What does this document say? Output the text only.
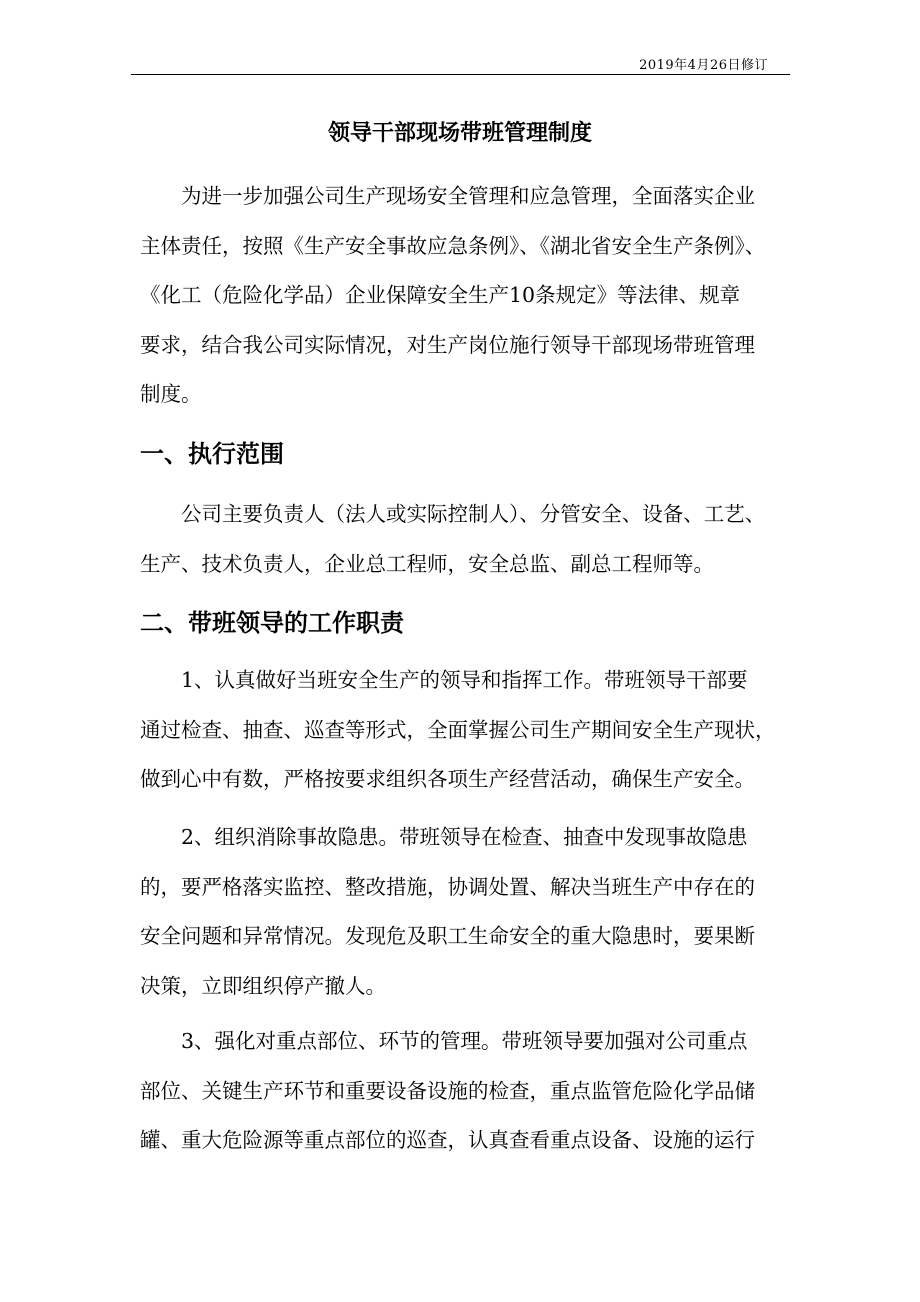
2019年4月26日修订
领导干部现场带班管理制度
为进一步加强公司生产现场安全管理和应急管理，全面落实企业
主体责任，按照《生产安全事故应急条例》、《湖北省安全生产条例》、
《化工（危险化学品）企业保障安全生产10条规定》等法律、规章
要求，结合我公司实际情况，对生产岗位施行领导干部现场带班管理
制度。
一、执行范围
公司主要负责人（法人或实际控制人）、分管安全、设备、工艺、
生产、技术负责人，企业总工程师，安全总监、副总工程师等。
二、带班领导的工作职责
1、认真做好当班安全生产的领导和指挥工作。带班领导干部要
通过检查、抽查、巡查等形式，全面掌握公司生产期间安全生产现状，
做到心中有数，严格按要求组织各项生产经营活动，确保生产安全。
2、组织消除事故隐患。带班领导在检查、抽查中发现事故隐患
的，要严格落实监控、整改措施，协调处置、解决当班生产中存在的
安全问题和异常情况。发现危及职工生命安全的重大隐患时，要果断
决策，立即组织停产撤人。
3、强化对重点部位、环节的管理。带班领导要加强对公司重点
部位、关键生产环节和重要设备设施的检查，重点监管危险化学品储
罐、重大危险源等重点部位的巡查，认真查看重点设备、设施的运行
